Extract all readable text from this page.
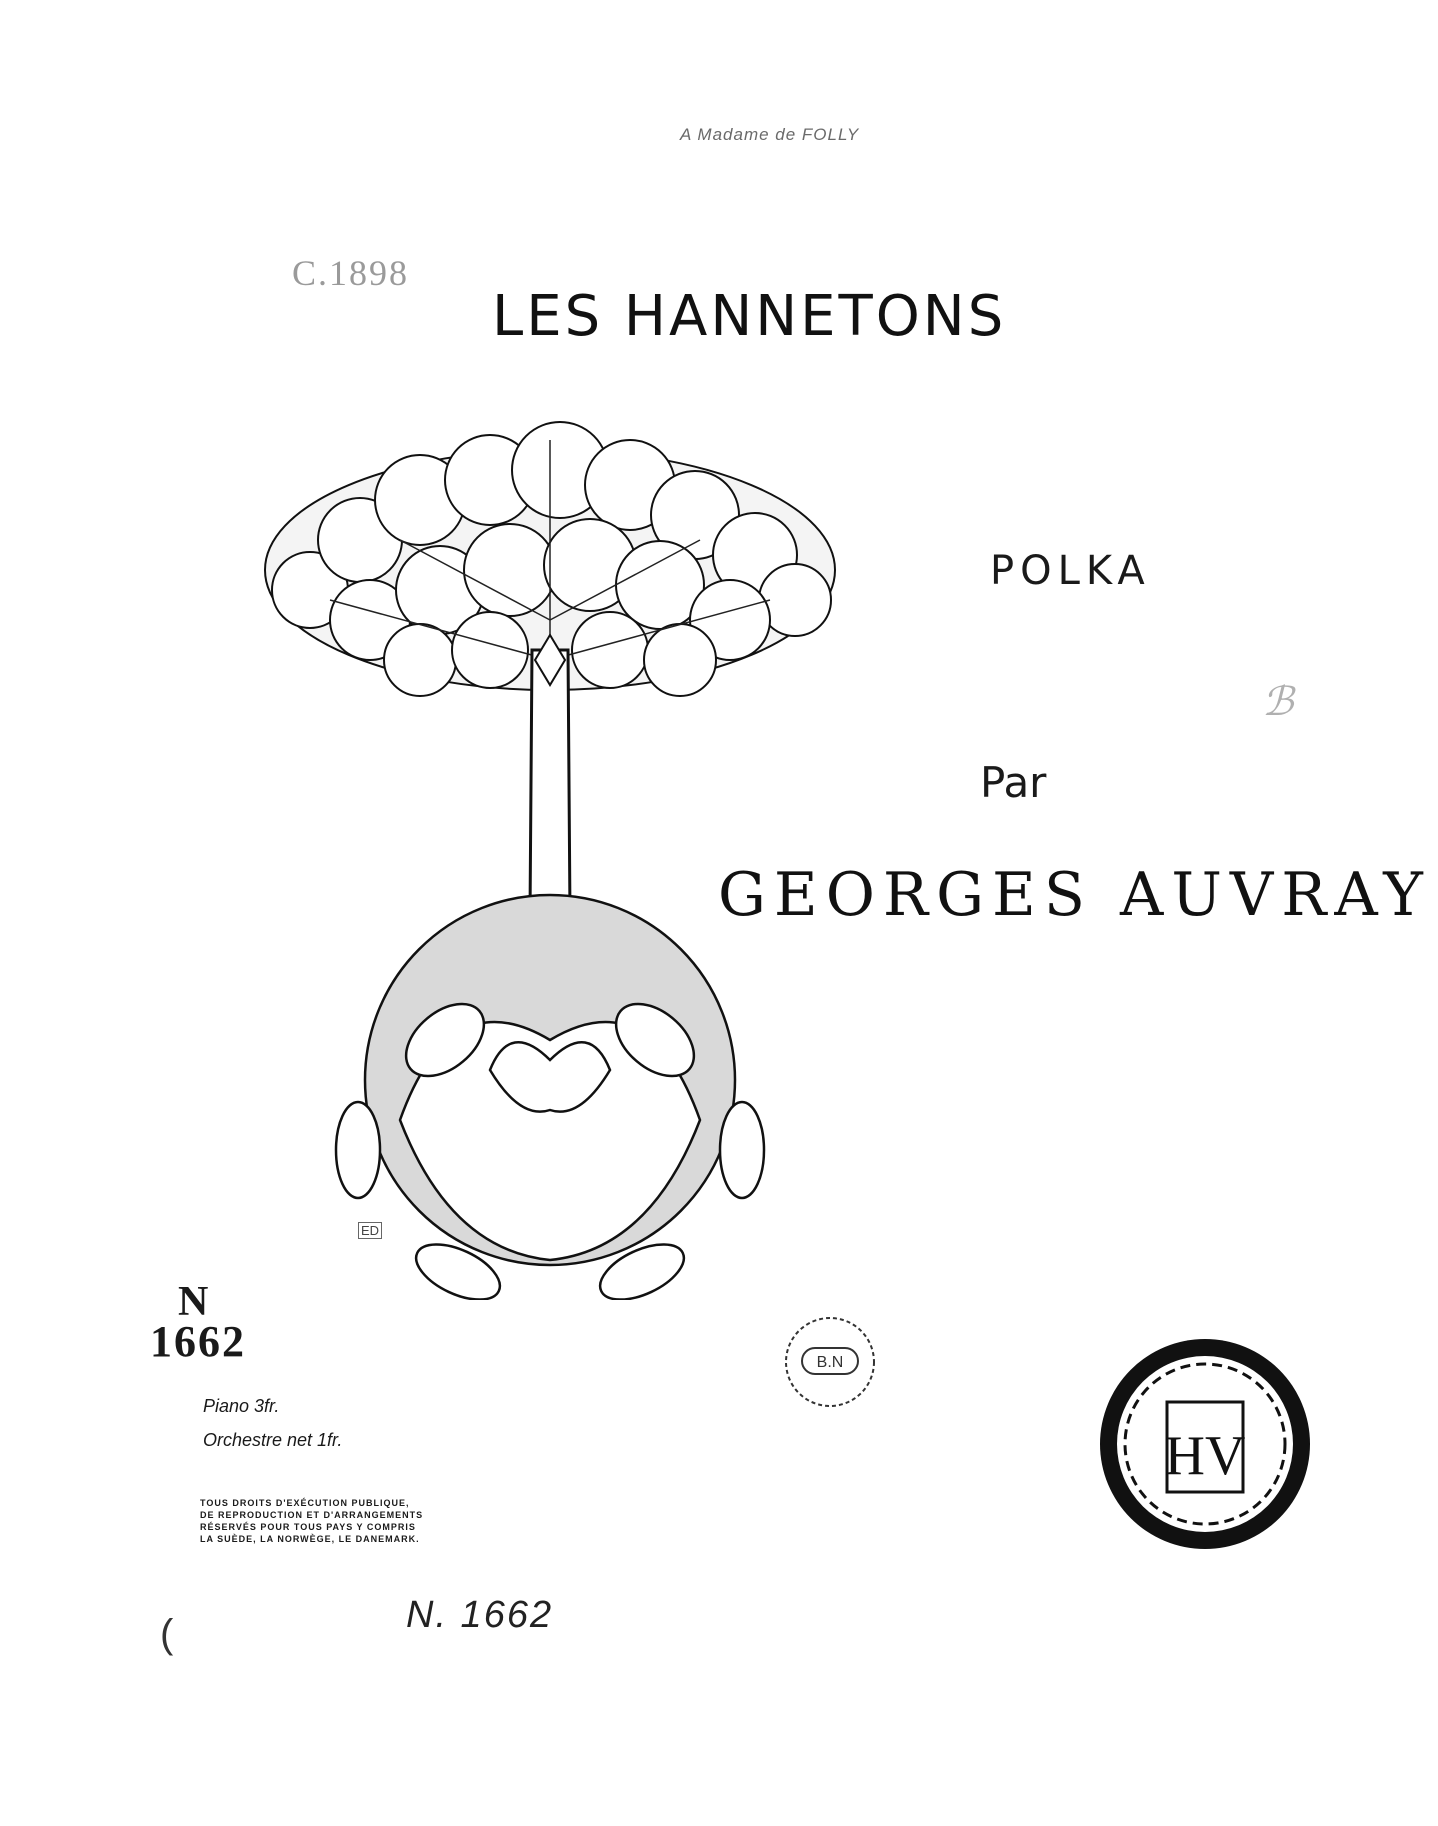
A Madame de FOLLY
C.1898
LES HANNETONS
ED
POLKA
ℬ
Par
GEORGES AUVRAY
N
1662
Piano 3fr.
Orchestre net 1fr.
TOUS DROITS D'EXÉCUTION PUBLIQUE,
DE REPRODUCTION ET D'ARRANGEMENTS
RÉSERVÉS POUR TOUS PAYS Y COMPRIS
LA SUÈDE, LA NORWÈGE, LE DANEMARK.
(	N. 1662
B.N
HV
